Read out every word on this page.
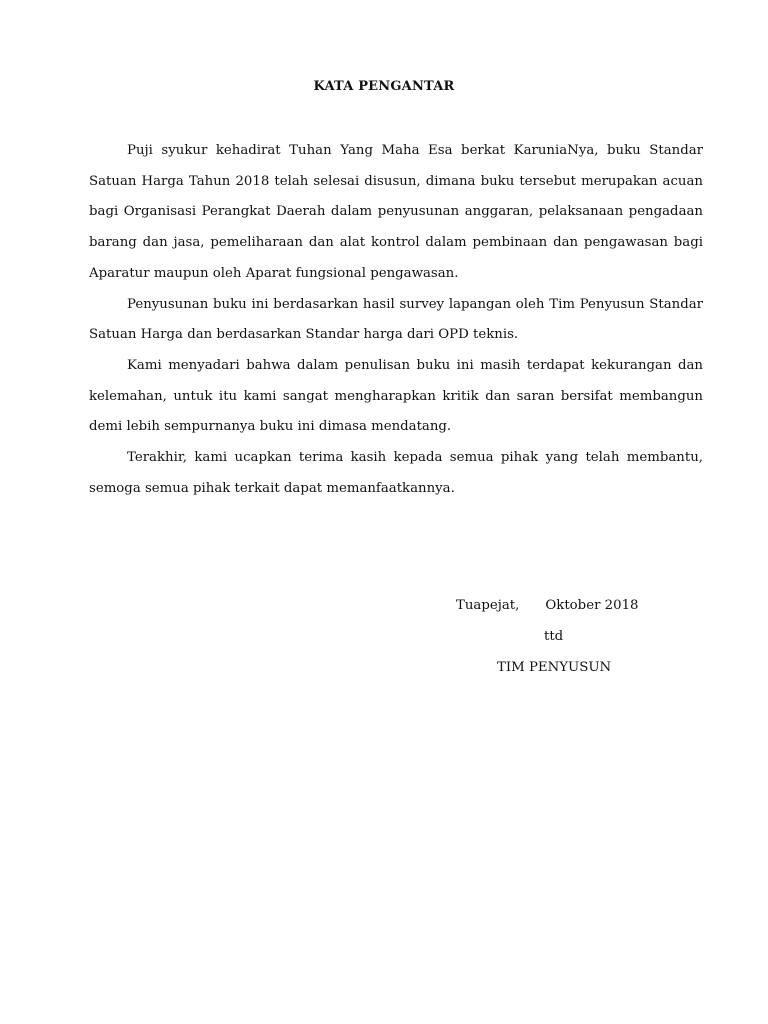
KATA PENGANTAR

Puji syukur kehadirat Tuhan Yang Maha Esa berkat KaruniaNya, buku Standar Satuan Harga Tahun 2018 telah selesai disusun, dimana buku tersebut merupakan acuan bagi Organisasi Perangkat Daerah dalam penyusunan anggaran, pelaksanaan pengadaan barang dan jasa, pemeliharaan dan alat kontrol dalam pembinaan dan pengawasan bagi Aparatur maupun oleh Aparat fungsional pengawasan.

Penyusunan buku ini berdasarkan hasil survey lapangan oleh Tim Penyusun Standar Satuan Harga dan berdasarkan Standar harga dari OPD teknis.

Kami menyadari bahwa dalam penulisan buku ini masih terdapat kekurangan dan kelemahan, untuk itu kami sangat mengharapkan kritik dan saran bersifat membangun demi lebih sempurnanya buku ini dimasa mendatang.

Terakhir, kami ucapkan terima kasih kepada semua pihak yang telah membantu, semoga semua pihak terkait dapat memanfaatkannya.

Tuapejat, Oktober 2018
ttd
TIM PENYUSUN
